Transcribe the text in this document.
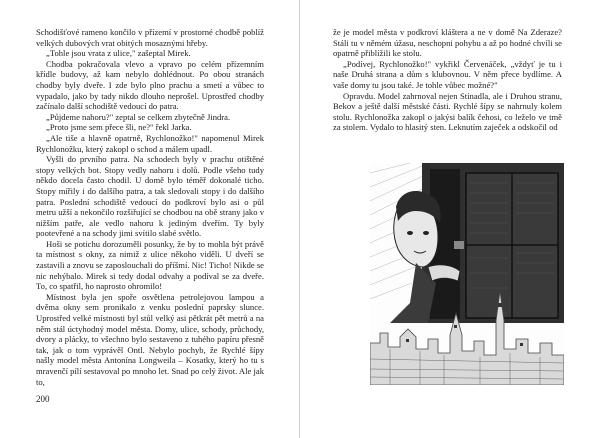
Schodišťové rameno končilo v přízemí v prostorné chodbě poblíž velkých dubových vrat obitých mosaznými hřeby.

„Tohle jsou vrata z ulice," zašeptal Mirek.

Chodba pokračovala vlevo a vpravo po celém přízemním křídle budovy, až kam nebylo dohlédnout. Po obou stranách chodby byly dveře. I zde bylo plno prachu a smetí a vůbec to vypadalo, jako by tady nikdo dlouho neprošel. Uprostřed chodby začínalo další schodiště vedoucí do patra.

„Půjdeme nahoru?" zeptal se celkem zbytečně Jindra.

„Proto jsme sem přece šli, ne?" řekl Jarka.

„Ale tiše a hlavně opatrně, Rychlonožko!" napomenul Mirek Rychlonožku, který zakopl o schod a málem upadl.

Vyšli do prvního patra. Na schodech byly v prachu otištěné stopy velkých bot. Stopy vedly nahoru i dolů. Podle všeho tudy někdo docela často chodil. U domě bylo téměř dokonalé ticho. Stopy mířily i do dalšího patra, a tak sledovali stopy i do dalšího patra. Poslední schodiště vedoucí do podkroví bylo asi o půl metru užší a nekončilo rozšiřující se chodbou na obě strany jako v nižším patře, ale vedlo nahoru k jediným dveřím. Ty byly pootevřené a na schody jimi svítilo slabé světlo.

Hoši se potichu dorozuměli posunky, že by to mohla být právě ta místnost s okny, za nimiž z ulice někoho viděli. U dveří se zastavili a znovu se zaposlouchali do příšmí. Nic! Ticho! Nikde se nic nehýbalo. Mirek si tedy dodal odvahy a podíval se za dveře. To, co spatřil, ho naprosto ohromilo!

Místnost byla jen spoře osvětlena petrolejovou lampou a dvěma okny sem pronikalo z venku poslední paprsky slunce. Uprostřed velké místnosti byl stůl velký asi pětkrát pět metrů a na něm stál úctyhodný model města. Domy, ulice, schody, průchody, dvory a plácky, to všechno bylo sestaveno z tuhého papíru přesně tak, jak o tom vyprávěl Ontl. Nebylo pochyb, že Rychlé šípy našly model města Antonína Longweila – Kosatky, který ho tu s mravenčí pílí sestavoval po mnoho let. Snad po celý život. Ale jak to,

200

že je model města v podkroví kláštera a ne v domě Na Zderaze? Stáli tu v němém úžasu, neschopni pohybu a až po hodné chvíli se opatrně přiblížili ke stolu.

„Podívej, Rychlonožko!" vykřikl Červenáček, „vždyť je tu i naše Druhá strana a dům s klubovnou. V něm přece bydlíme. A vaše domy tu jsou také. Je tohle vůbec možné?"

Opravdu. Model zahrnoval nejen Stínadla, ale i Druhou stranu, Bekov a ještě další městské části. Rychlé šípy se nahrnuly kolem stolu. Rychlonožka zakopl o jakýsi balík čehosi, co leželo ve tmě za stolem. Vydalo to hlasitý sten. Leknutím zaječek a odskočil od
